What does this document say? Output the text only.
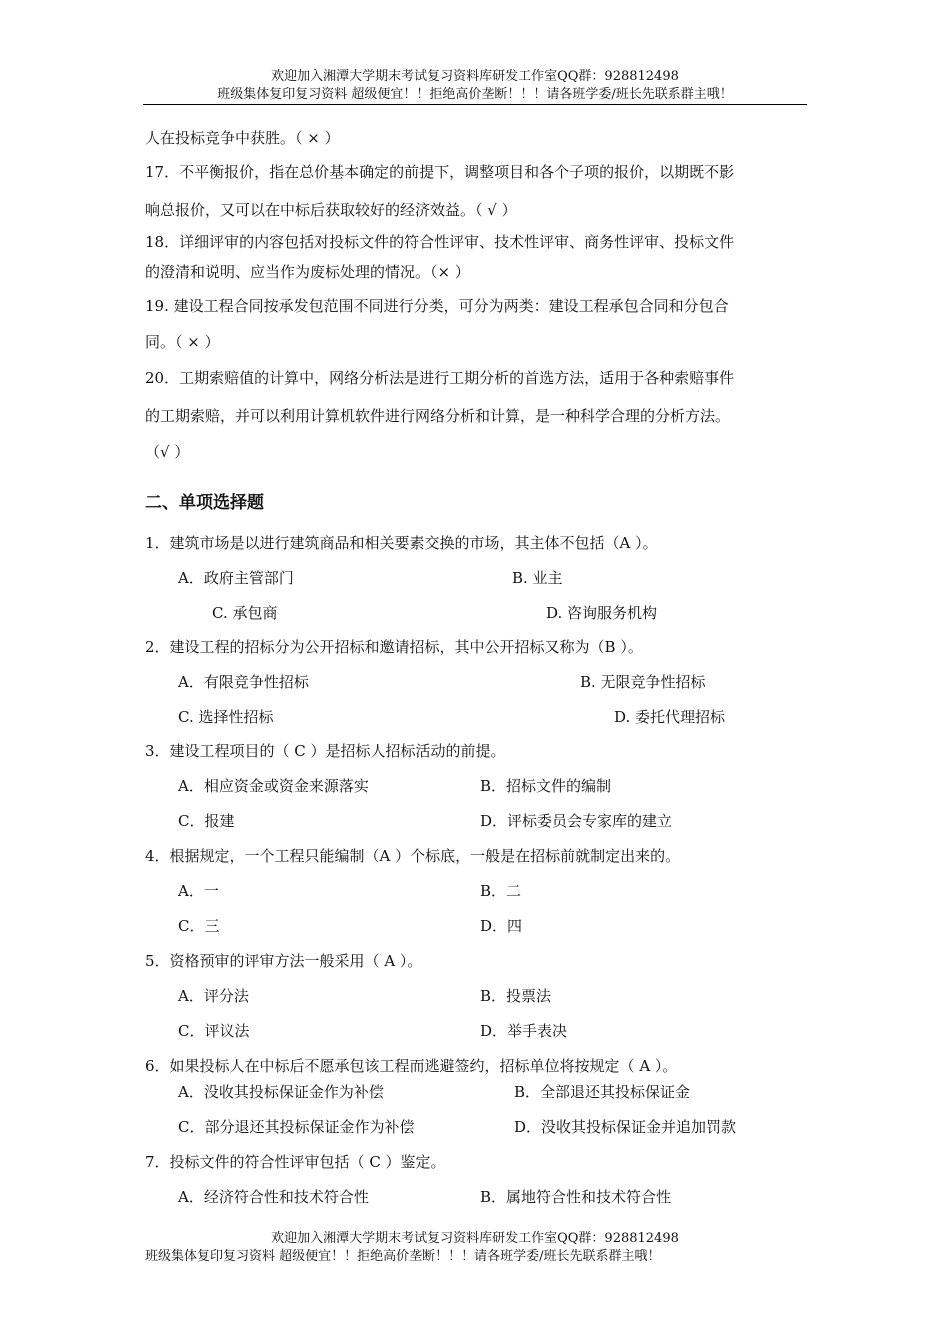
欢迎加入湘潭大学期末考试复习资料库研发工作室QQ群：928812498
班级集体复印复习资料 超级便宜！！拒绝高价垄断！！！请各班学委/班长先联系群主哦！
人在投标竞争中获胜。（ × ）
17．不平衡报价，指在总价基本确定的前提下，调整项目和各个子项的报价，以期既不影
响总报价，又可以在中标后获取较好的经济效益。（ √ ）
18．详细评审的内容包括对投标文件的符合性评审、技术性评审、商务性评审、投标文件
的澄清和说明、应当作为废标处理的情况。（× ）
19. 建设工程合同按承发包范围不同进行分类，可分为两类：建设工程承包合同和分包合
同。（ × ）
20．工期索赔值的计算中，网络分析法是进行工期分析的首选方法，适用于各种索赔事件
的工期索赔，并可以利用计算机软件进行网络分析和计算，是一种科学合理的分析方法。
（√ ）
二、单项选择题
1．建筑市场是以进行建筑商品和相关要素交换的市场，其主体不包括（A ）。
A．政府主管部门	B. 业主
C. 承包商	D. 咨询服务机构
2．建设工程的招标分为公开招标和邀请招标，其中公开招标又称为（B ）。
A．有限竞争性招标	B. 无限竞争性招标
C. 选择性招标	D. 委托代理招标
3．建设工程项目的（ C ）是招标人招标活动的前提。
A．相应资金或资金来源落实	B．招标文件的编制
C．报建	D．评标委员会专家库的建立
4．根据规定，一个工程只能编制（A ）个标底，一般是在招标前就制定出来的。
A．一	B．二
C．三	D．四
5．资格预审的评审方法一般采用（ A ）。
A．评分法	B．投票法
C．评议法	D．举手表决
6．如果投标人在中标后不愿承包该工程而逃避签约，招标单位将按规定（ A ）。
A．没收其投标保证金作为补偿	B．全部退还其投标保证金
C．部分退还其投标保证金作为补偿	D．没收其投标保证金并追加罚款
7．投标文件的符合性评审包括（ C ）鉴定。
A．经济符合性和技术符合性	B．属地符合性和技术符合性
欢迎加入湘潭大学期末考试复习资料库研发工作室QQ群：928812498
班级集体复印复习资料 超级便宜！！拒绝高价垄断！！！请各班学委/班长先联系群主哦！
